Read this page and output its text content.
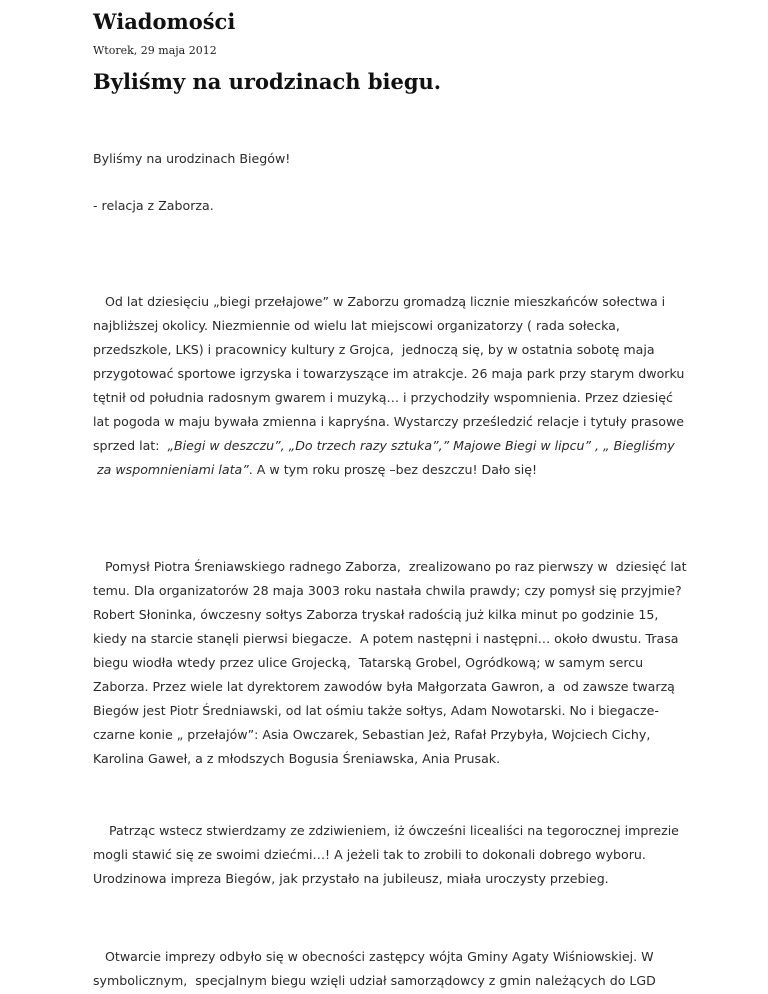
Wiadomości
Wtorek, 29 maja 2012
Byliśmy na urodzinach biegu.

Byliśmy na urodzinach Biegów!

- relacja z Zaborza.

Od lat dziesięciu „biegi przełajowe” w Zaborzu gromadzą licznie mieszkańców sołectwa i

najbliższej okolicy. Niezmiennie od wielu lat miejscowi organizatorzy ( rada sołecka,

przedszkole, LKS) i pracownicy kultury z Grojca,  jednoczą się, by w ostatnia sobotę maja

przygotować sportowe igrzyska i towarzyszące im atrakcje. 26 maja park przy starym dworku

tętnił od południa radosnym gwarem i muzyką… i przychodziły wspomnienia. Przez dziesięć

lat pogoda w maju bywała zmienna i kapryśna. Wystarczy prześledzić relacje i tytuły prasowe

sprzed lat:  „Biegi w deszczu”, „Do trzech razy sztuka”,” Majowe Biegi w lipcu” , „ Biegliśmy

za wspomnieniami lata”. A w tym roku proszę –bez deszczu! Dało się!

Pomysł Piotra Śreniawskiego radnego Zaborza,  zrealizowano po raz pierwszy w  dziesięć lat

temu. Dla organizatorów 28 maja 3003 roku nastała chwila prawdy; czy pomysł się przyjmie?

Robert Słoninka, ówczesny sołtys Zaborza tryskał radością już kilka minut po godzinie 15,

kiedy na starcie stanęli pierwsi biegacze.  A potem następni i następni… około dwustu. Trasa

biegu wiodła wtedy przez ulice Grojecką,  Tatarską Grobel, Ogródkową; w samym sercu

Zaborza. Przez wiele lat dyrektorem zawodów była Małgorzata Gawron, a  od zawsze twarzą

Biegów jest Piotr Średniawski, od lat ośmiu także sołtys, Adam Nowotarski. No i biegacze-

czarne konie „ przełajów”: Asia Owczarek, Sebastian Jeż, Rafał Przybyła, Wojciech Cichy,

Karolina Gaweł, a z młodszych Bogusia Śreniawska, Ania Prusak.

Patrząc wstecz stwierdzamy ze zdziwieniem, iż ówcześni licealiści na tegorocznej imprezie

mogli stawić się ze swoimi dziećmi…! A jeżeli tak to zrobili to dokonali dobrego wyboru.

Urodzinowa impreza Biegów, jak przystało na jubileusz, miała uroczysty przebieg.

Otwarcie imprezy odbyło się w obecności zastępcy wójta Gminy Agaty Wiśniowskiej. W

symbolicznym,  specjalnym biegu wzięli udział samorządowcy z gmin należących do LGD
